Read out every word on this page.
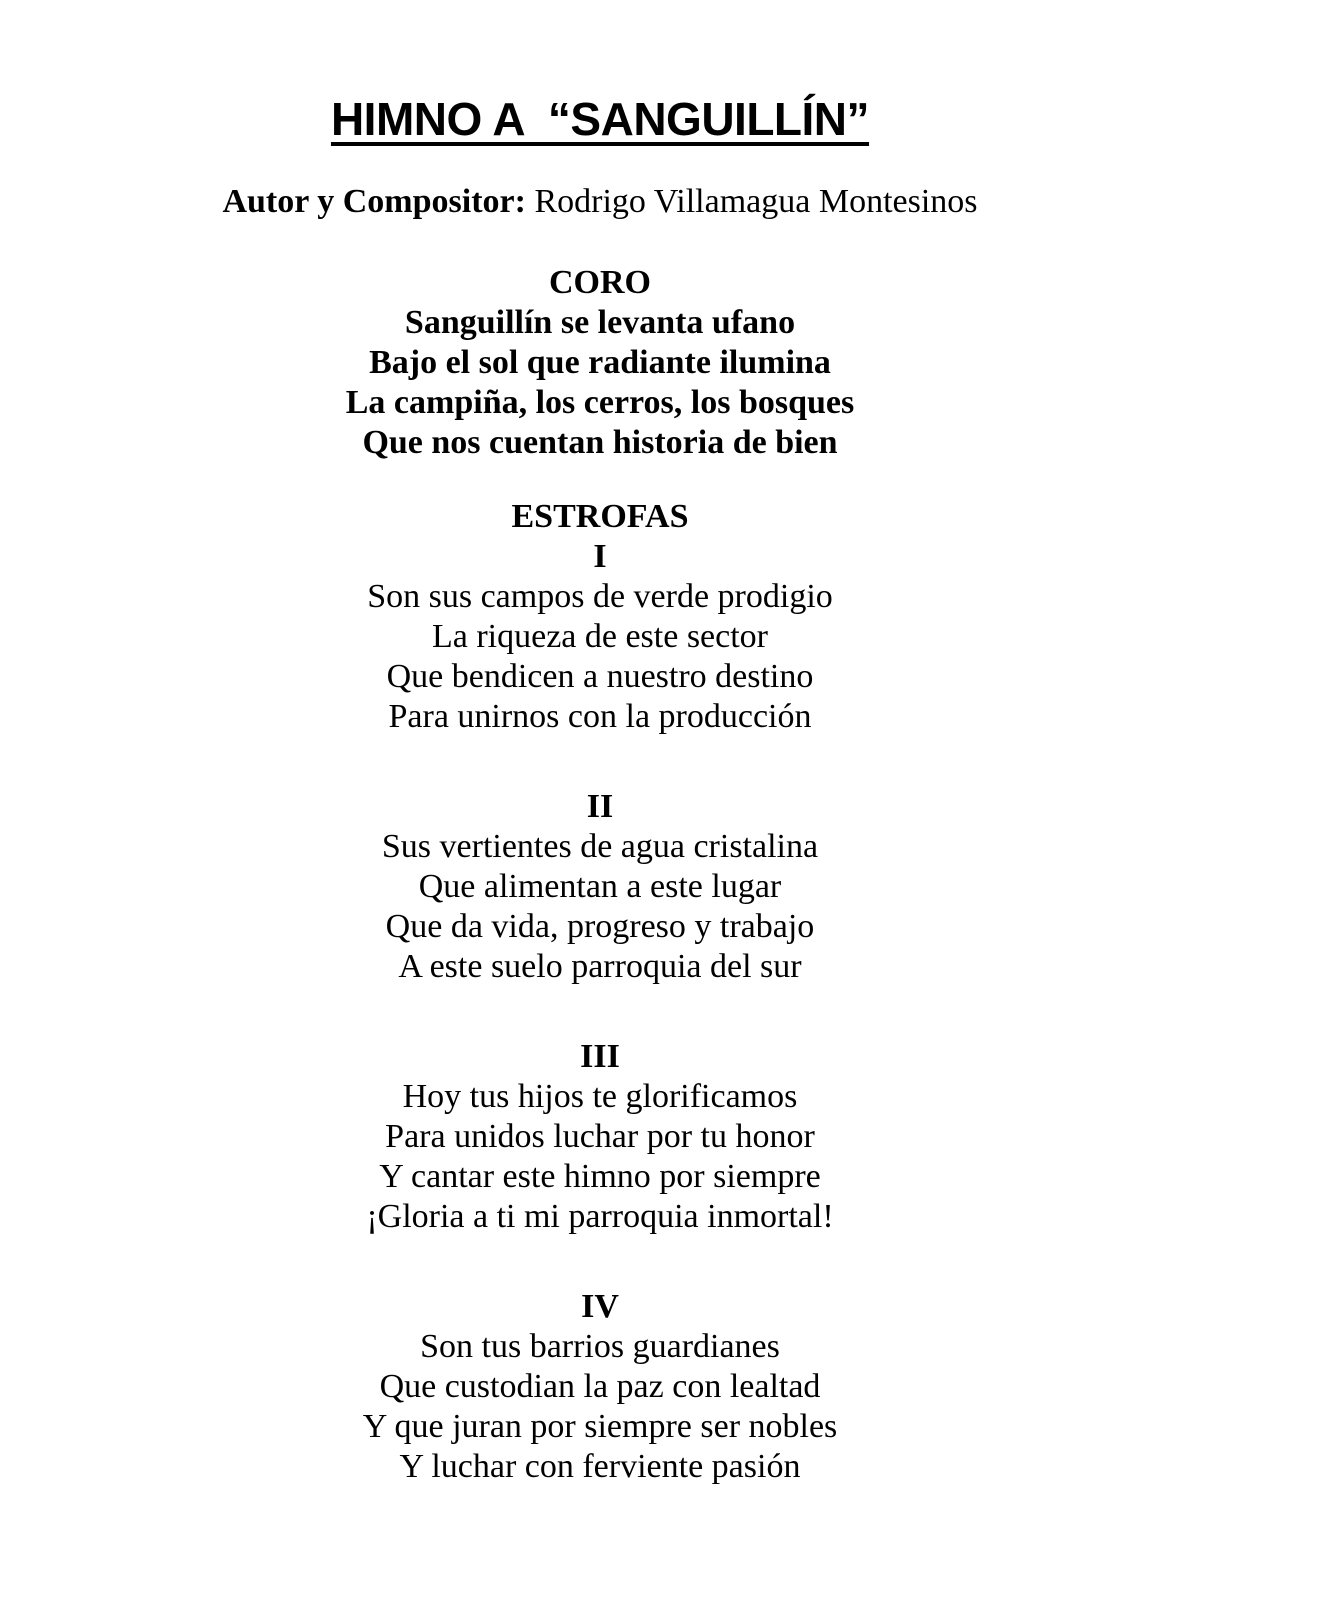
HIMNO A  “SANGUILLÍN”

Autor y Compositor: Rodrigo Villamagua Montesinos

CORO
Sanguillín se levanta ufano
Bajo el sol que radiante ilumina
La campiña, los cerros, los bosques
Que nos cuentan historia de bien
ESTROFAS
I
Son sus campos de verde prodigio
La riqueza de este sector
Que bendicen a nuestro destino
Para unirnos con la producción
II
Sus vertientes de agua cristalina
Que alimentan a este lugar
Que da vida, progreso y trabajo
A este suelo parroquia del sur
III
Hoy tus hijos te glorificamos
Para unidos luchar por tu honor
Y cantar este himno por siempre
¡Gloria a ti mi parroquia inmortal!
IV
Son tus barrios guardianes
Que custodian la paz con lealtad
Y que juran por siempre ser nobles
Y luchar con ferviente pasión
